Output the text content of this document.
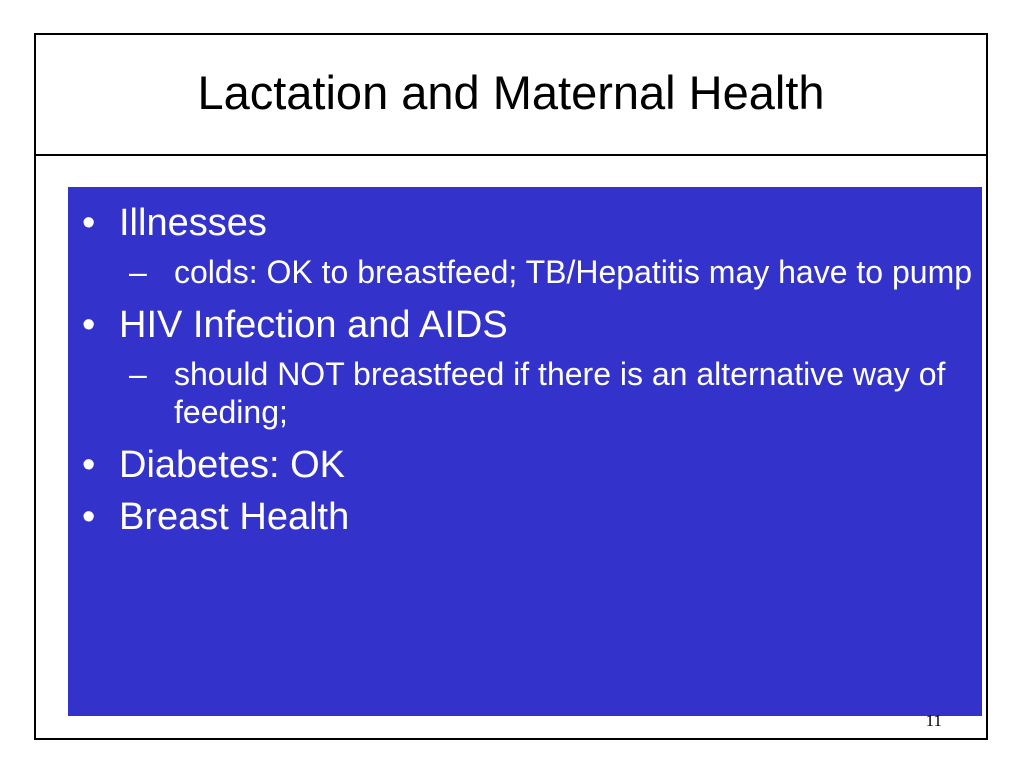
Lactation and Maternal Health
• Illnesses
– colds: OK to breastfeed; TB/Hepatitis may have to pump
• HIV Infection and AIDS
– should NOT breastfeed if there is an alternative way of feeding;
• Diabetes: OK
• Breast Health
11
